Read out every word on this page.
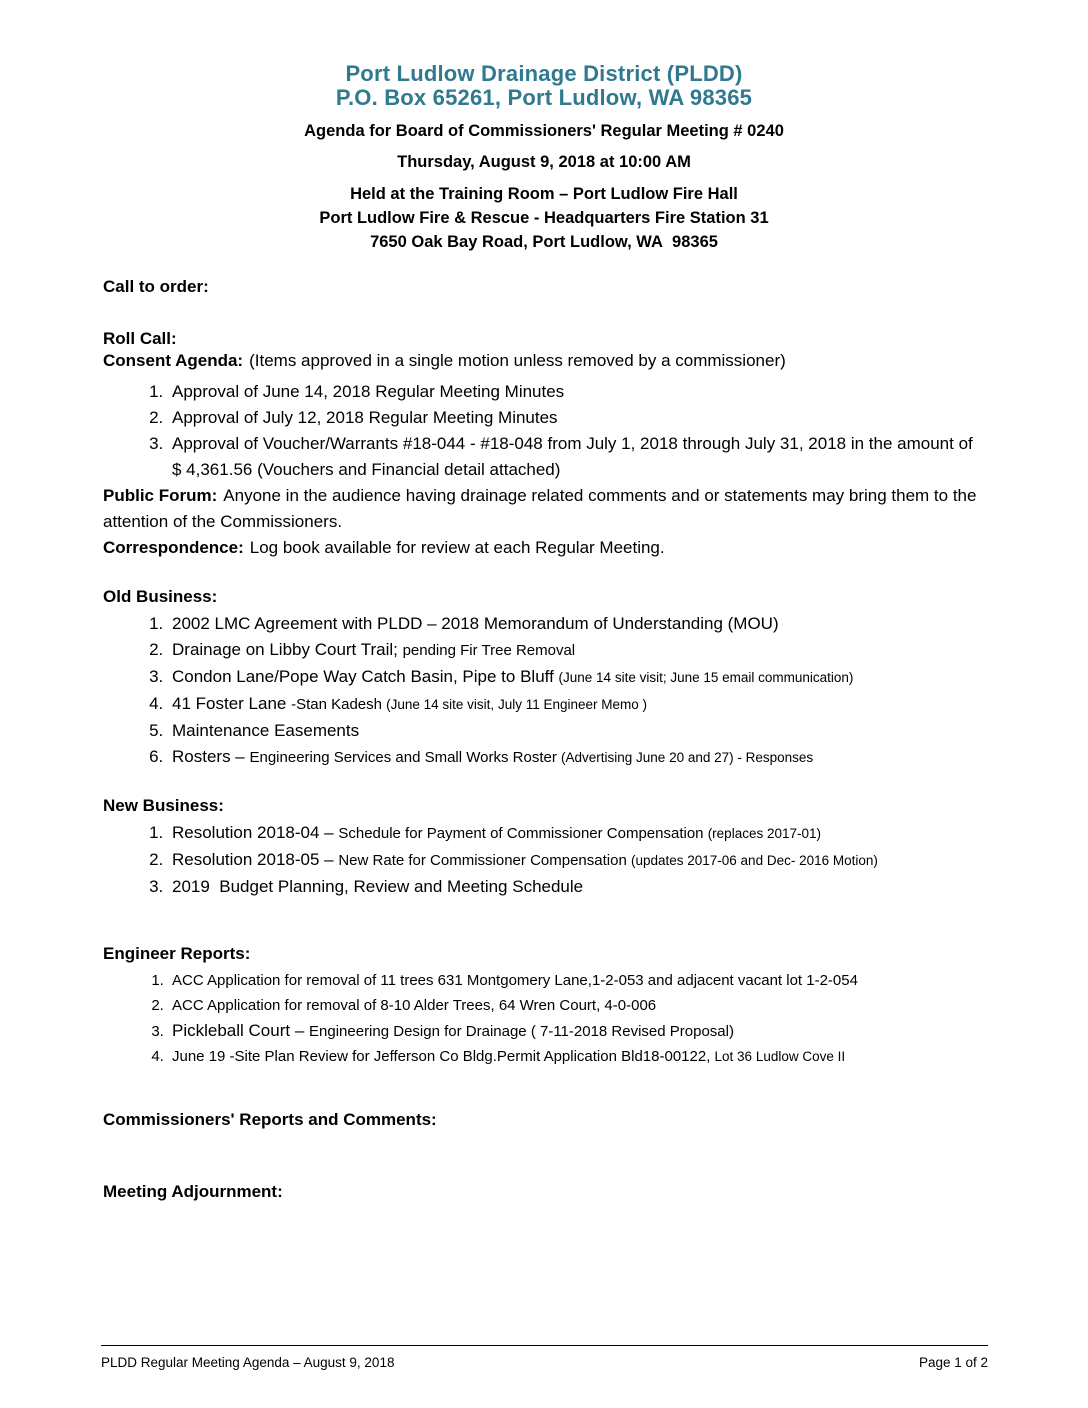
Port Ludlow Drainage District (PLDD)

P.O. Box 65261, Port Ludlow, WA 98365

Agenda for Board of Commissioners' Regular Meeting # 0240

Thursday, August 9, 2018 at 10:00 AM

Held at the Training Room – Port Ludlow Fire Hall
Port Ludlow Fire & Rescue - Headquarters Fire Station 31
7650 Oak Bay Road, Port Ludlow, WA  98365
Call to order:
Roll Call:

Consent Agenda: (Items approved in a single motion unless removed by a commissioner)

1. Approval of June 14, 2018 Regular Meeting Minutes
2. Approval of July 12, 2018 Regular Meeting Minutes
3. Approval of Voucher/Warrants #18-044 - #18-048 from July 1, 2018 through July 31, 2018 in the amount of $ 4,361.56 (Vouchers and Financial detail attached)

Public Forum: Anyone in the audience having drainage related comments and or statements may bring them to the attention of the Commissioners.

Correspondence: Log book available for review at each Regular Meeting.

Old Business:
1. 2002 LMC Agreement with PLDD – 2018 Memorandum of Understanding (MOU)
2. Drainage on Libby Court Trail; pending Fir Tree Removal
3. Condon Lane/Pope Way Catch Basin, Pipe to Bluff (June 14 site visit; June 15 email communication)
4. 41 Foster Lane -Stan Kadesh (June 14 site visit, July 11 Engineer Memo )
5. Maintenance Easements
6. Rosters – Engineering Services and Small Works Roster (Advertising June 20 and 27) - Responses
New Business:
1. Resolution 2018-04 – Schedule for Payment of Commissioner Compensation (replaces 2017-01)
2. Resolution 2018-05 – New Rate for Commissioner Compensation (updates 2017-06 and Dec- 2016 Motion)
3. 2019  Budget Planning, Review and Meeting Schedule
Engineer Reports:
1. ACC Application for removal of 11 trees 631 Montgomery Lane,1-2-053 and adjacent vacant lot 1-2-054
2. ACC Application for removal of 8-10 Alder Trees, 64 Wren Court, 4-0-006
3. Pickleball Court – Engineering Design for Drainage ( 7-11-2018 Revised Proposal)
4. June 19 -Site Plan Review for Jefferson Co Bldg.Permit Application Bld18-00122, Lot 36 Ludlow Cove II
Commissioners' Reports and Comments:
Meeting Adjournment:
PLDD Regular Meeting Agenda – August 9, 2018	Page 1 of 2
